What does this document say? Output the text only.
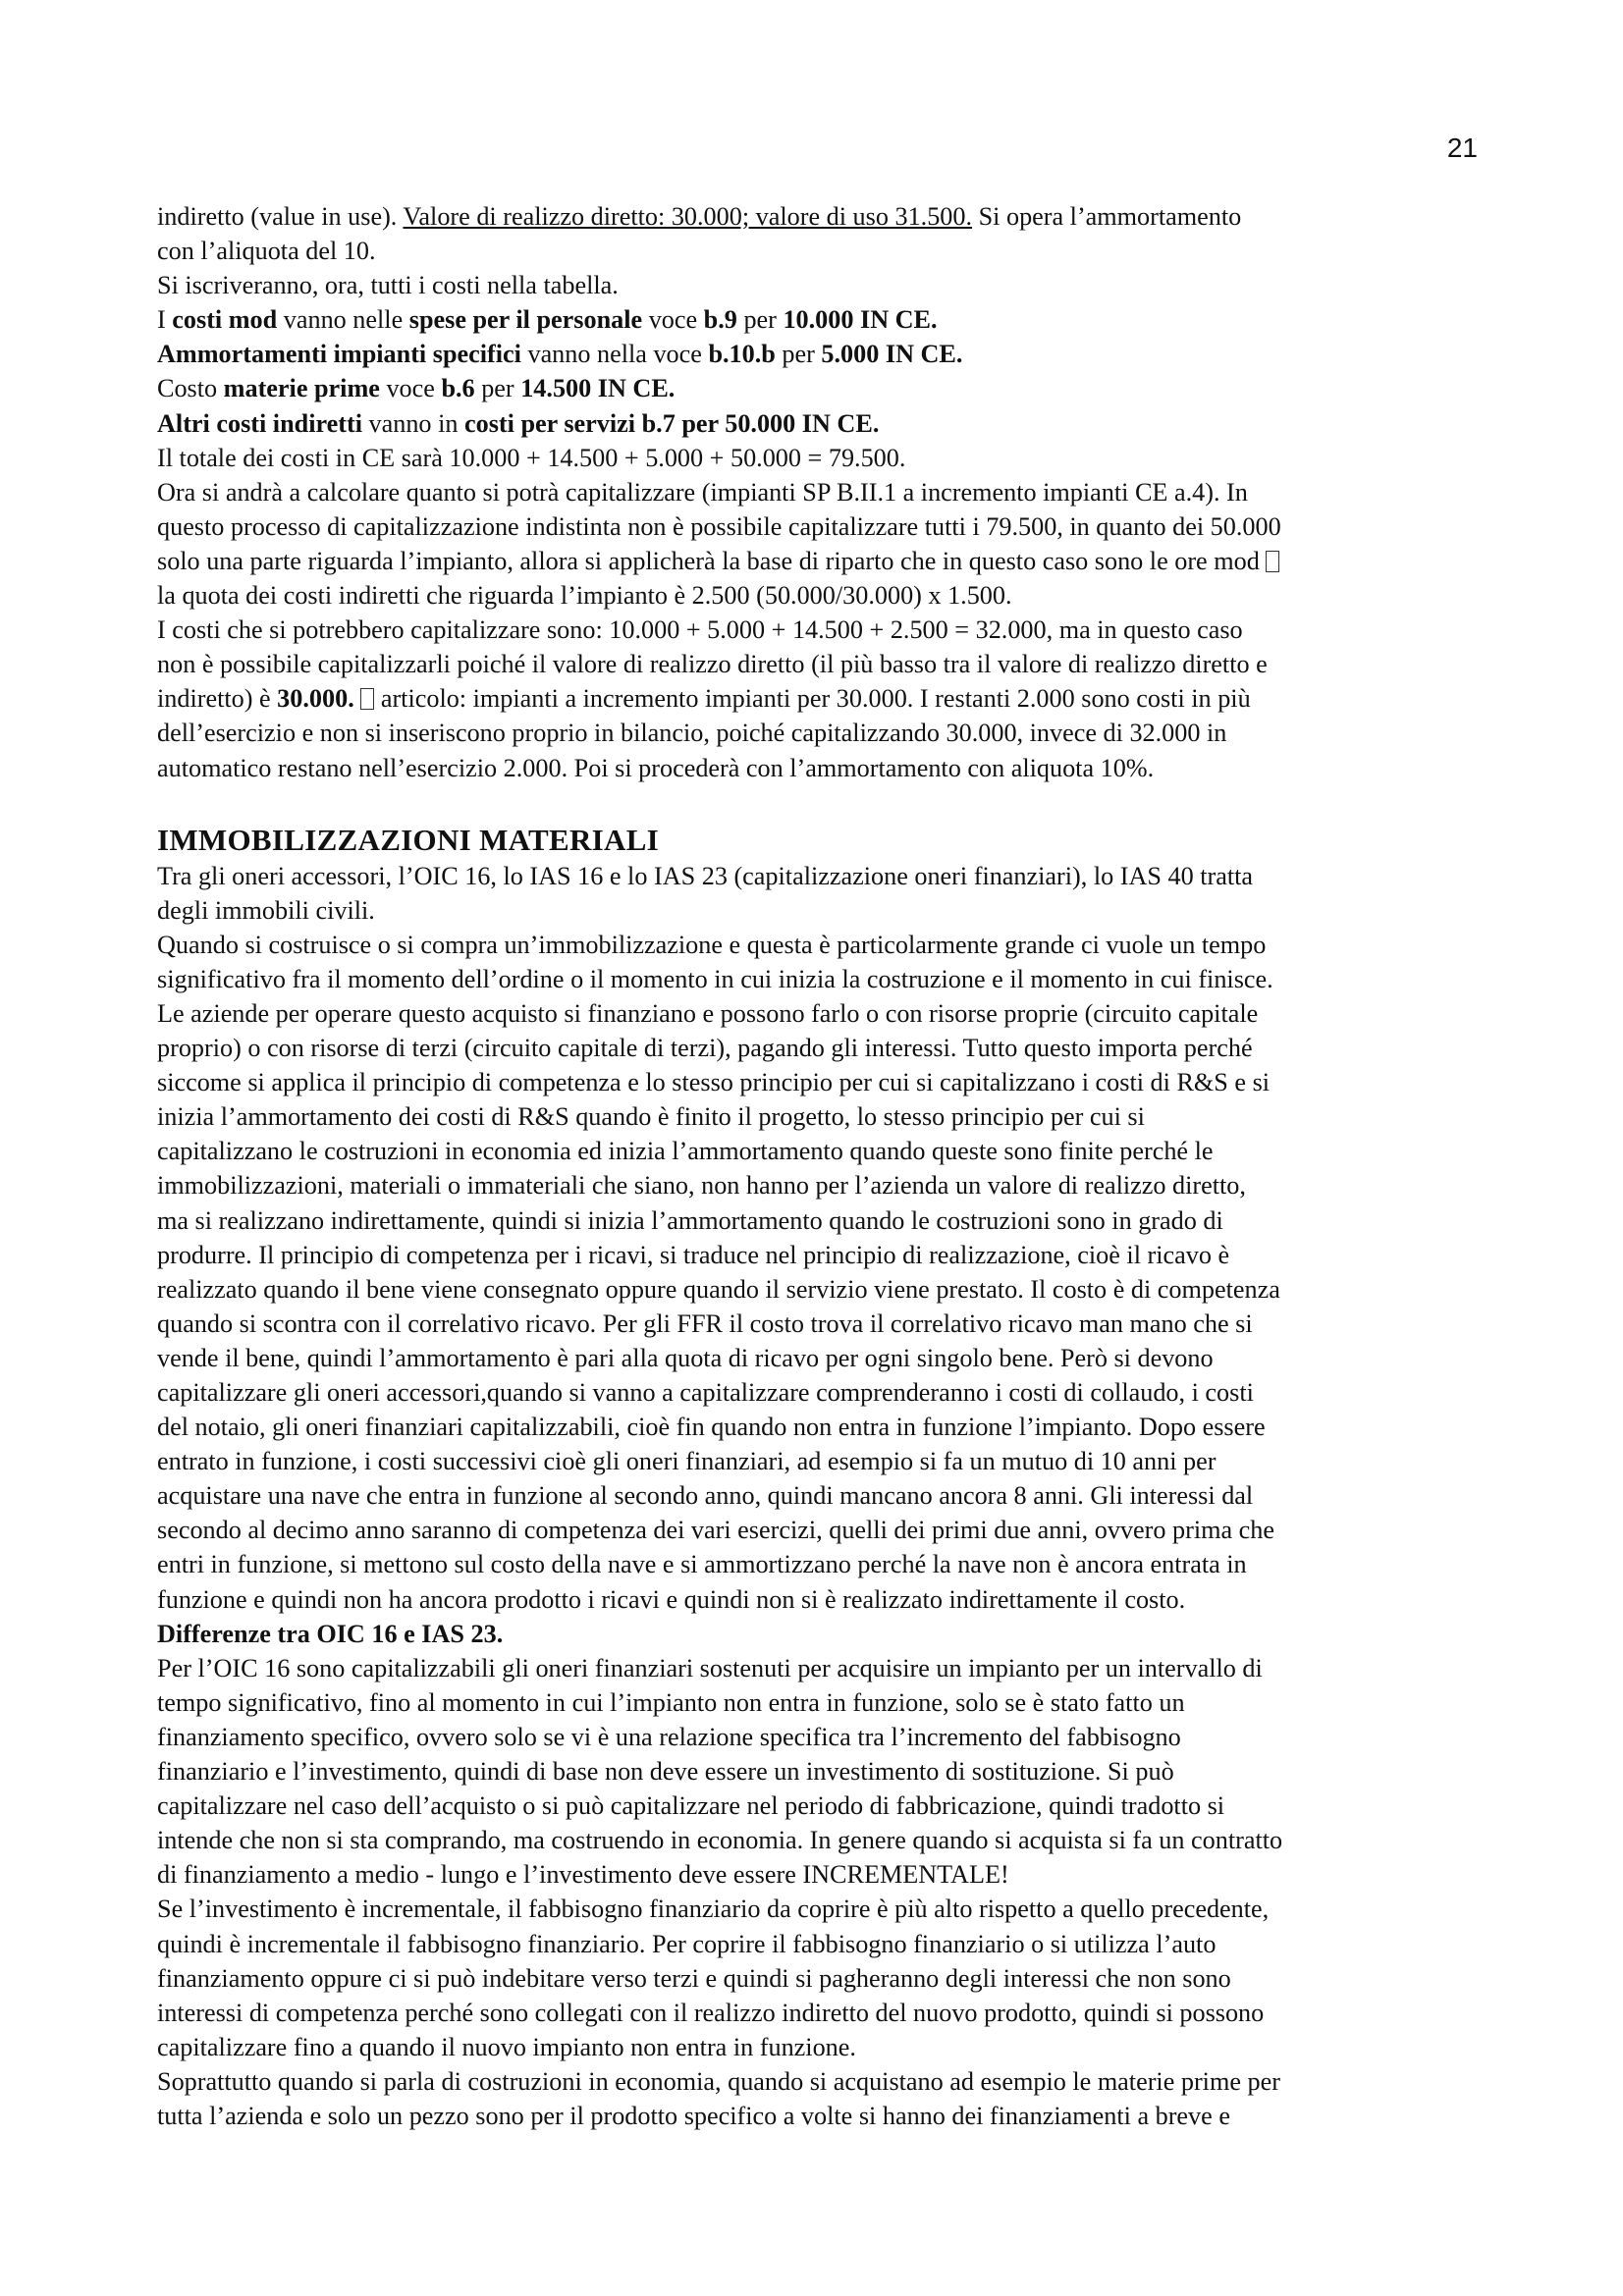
21
indiretto (value in use). Valore di realizzo diretto: 30.000; valore di uso 31.500. Si opera l’ammortamento
con l’aliquota del 10.
Si iscriveranno, ora, tutti i costi nella tabella.
I costi mod vanno nelle spese per il personale voce b.9 per 10.000 IN CE.
Ammortamenti impianti specifici vanno nella voce b.10.b per 5.000 IN CE.
Costo materie prime voce b.6 per 14.500 IN CE.
Altri costi indiretti vanno in costi per servizi b.7 per 50.000 IN CE.
Il totale dei costi in CE sarà 10.000 + 14.500 + 5.000 + 50.000 = 79.500.
Ora si andrà a calcolare quanto si potrà capitalizzare (impianti SP B.II.1 a incremento impianti CE a.4). In
questo processo di capitalizzazione indistinta non è possibile capitalizzare tutti i 79.500, in quanto dei 50.000
solo una parte riguarda l’impianto, allora si applicherà la base di riparto che in questo caso sono le ore mod
la quota dei costi indiretti che riguarda l’impianto è 2.500 (50.000/30.000) x 1.500.
I costi che si potrebbero capitalizzare sono: 10.000 + 5.000 + 14.500 + 2.500 = 32.000, ma in questo caso
non è possibile capitalizzarli poiché il valore di realizzo diretto (il più basso tra il valore di realizzo diretto e
indiretto) è 30.000.  articolo: impianti a incremento impianti per 30.000. I restanti 2.000 sono costi in più
dell’esercizio e non si inseriscono proprio in bilancio, poiché capitalizzando 30.000, invece di 32.000 in
automatico restano nell’esercizio 2.000. Poi si procederà con l’ammortamento con aliquota 10%.
IMMOBILIZZAZIONI MATERIALI
Tra gli oneri accessori, l’OIC 16, lo IAS 16 e lo IAS 23 (capitalizzazione oneri finanziari), lo IAS 40 tratta
degli immobili civili.
Quando si costruisce o si compra un’immobilizzazione e questa è particolarmente grande ci vuole un tempo
significativo fra il momento dell’ordine o il momento in cui inizia la costruzione e il momento in cui finisce.
Le aziende per operare questo acquisto si finanziano e possono farlo o con risorse proprie (circuito capitale
proprio) o con risorse di terzi (circuito capitale di terzi), pagando gli interessi. Tutto questo importa perché
siccome si applica il principio di competenza e lo stesso principio per cui si capitalizzano i costi di R&S e si
inizia l’ammortamento dei costi di R&S quando è finito il progetto, lo stesso principio per cui si
capitalizzano le costruzioni in economia ed inizia l’ammortamento quando queste sono finite perché le
immobilizzazioni, materiali o immateriali che siano, non hanno per l’azienda un valore di realizzo diretto,
ma si realizzano indirettamente, quindi si inizia l’ammortamento quando le costruzioni sono in grado di
produrre. Il principio di competenza per i ricavi, si traduce nel principio di realizzazione, cioè il ricavo è
realizzato quando il bene viene consegnato oppure quando il servizio viene prestato. Il costo è di competenza
quando si scontra con il correlativo ricavo. Per gli FFR il costo trova il correlativo ricavo man mano che si
vende il bene, quindi l’ammortamento è pari alla quota di ricavo per ogni singolo bene. Però si devono
capitalizzare gli oneri accessori,quando si vanno a capitalizzare comprenderanno i costi di collaudo, i costi
del notaio, gli oneri finanziari capitalizzabili, cioè fin quando non entra in funzione l’impianto. Dopo essere
entrato in funzione, i costi successivi cioè gli oneri finanziari, ad esempio si fa un mutuo di 10 anni per
acquistare una nave che entra in funzione al secondo anno, quindi mancano ancora 8 anni. Gli interessi dal
secondo al decimo anno saranno di competenza dei vari esercizi, quelli dei primi due anni, ovvero prima che
entri in funzione, si mettono sul costo della nave e si ammortizzano perché la nave non è ancora entrata in
funzione e quindi non ha ancora prodotto i ricavi e quindi non si è realizzato indirettamente il costo.
Differenze tra OIC 16 e IAS 23.
Per l’OIC 16 sono capitalizzabili gli oneri finanziari sostenuti per acquisire un impianto per un intervallo di
tempo significativo, fino al momento in cui l’impianto non entra in funzione, solo se è stato fatto un
finanziamento specifico, ovvero solo se vi è una relazione specifica tra l’incremento del fabbisogno
finanziario e l’investimento, quindi di base non deve essere un investimento di sostituzione. Si può
capitalizzare nel caso dell’acquisto o si può capitalizzare nel periodo di fabbricazione, quindi tradotto si
intende che non si sta comprando, ma costruendo in economia. In genere quando si acquista si fa un contratto
di finanziamento a medio - lungo e l’investimento deve essere INCREMENTALE!
Se l’investimento è incrementale, il fabbisogno finanziario da coprire è più alto rispetto a quello precedente,
quindi è incrementale il fabbisogno finanziario. Per coprire il fabbisogno finanziario o si utilizza l’auto
finanziamento oppure ci si può indebitare verso terzi e quindi si pagheranno degli interessi che non sono
interessi di competenza perché sono collegati con il realizzo indiretto del nuovo prodotto, quindi si possono
capitalizzare fino a quando il nuovo impianto non entra in funzione.
Soprattutto quando si parla di costruzioni in economia, quando si acquistano ad esempio le materie prime per
tutta l’azienda e solo un pezzo sono per il prodotto specifico a volte si hanno dei finanziamenti a breve e
